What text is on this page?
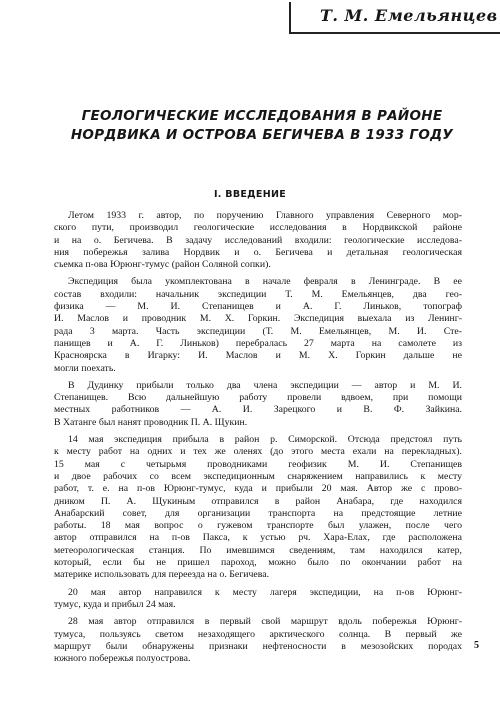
Т. М. Емельянцев
ГЕОЛОГИЧЕСКИЕ ИССЛЕДОВАНИЯ В РАЙОНЕ
НОРДВИКА И ОСТРОВА БЕГИЧЕВА В 1933 ГОДУ
I. ВВЕДЕНИЕ
Летом 1933 г. автор, по поручению Главного управления Северного мор-
ского пути, производил геологические исследования в Нордвикской районе
и на о. Бегичева. В задачу исследований входили: геологические исследова-
ния побережья залива Нордвик и о. Бегичева и детальная геологическая
съемка п-ова Юрюнг-тумус (район Соляной сопки).
Экспедиция была укомплектована в начале февраля в Ленинграде. В ее
состав входили: начальник экспедиции Т. М. Емельянцев, два гео-
физика — М. И. Степанищев и А. Г. Линьков, топограф
И. Маслов и проводник М. Х. Горкин. Экспедиция выехала из Ленинг-
рада 3 марта. Часть экспедиции (Т. М. Емельянцев, М. И. Сте-
панищев и А. Г. Линьков) перебралась 27 марта на самолете из
Красноярска в Игарку: И. Маслов и М. Х. Горкин дальше не
могли поехать.
В Дудинку прибыли только два члена экспедиции — автор и М. И.
Степанищев. Всю дальнейшую работу провели вдвоем, при помощи
местных работников — А. И. Зарецкого и В. Ф. Зайкина.
В Хатанге был нанят проводник П. А. Щукин.
14 мая экспедиция прибыла в район р. Симорской. Отсюда предстоял путь
к месту работ на одних и тех же оленях (до этого места ехали на перекладных).
15 мая с четырьмя проводниками геофизик М. И. Степанищев
и двое рабочих со всем экспедиционным снаряжением направились к месту
работ, т. е. на п-ов Юрюнг-тумус, куда и прибыли 20 мая. Автор же с прово-
дником П. А. Щукиным отправился в район Анабара, где находился
Анабарский совет, для организации транспорта на предстоящие летние
работы. 18 мая вопрос о гужевом транспорте был улажен, после чего
автор отправился на п-ов Пакса, к устью рч. Хара-Елах, где расположена
метеорологическая станция. По имевшимся сведениям, там находился катер,
который, если бы не пришел пароход, можно было по окончании работ на
материке использовать для переезда на о. Бегичева.
20 мая автор направился к месту лагеря экспедиции, на п-ов Юрюнг-
тумус, куда и прибыл 24 мая.
28 мая автор отправился в первый свой маршрут вдоль побережья Юрюнг-
тумуса, пользуясь светом незаходящего арктического солнца. В первый же
маршрут были обнаружены признаки нефтеносности в мезозойских породах
южного побережья полуострова.
5
